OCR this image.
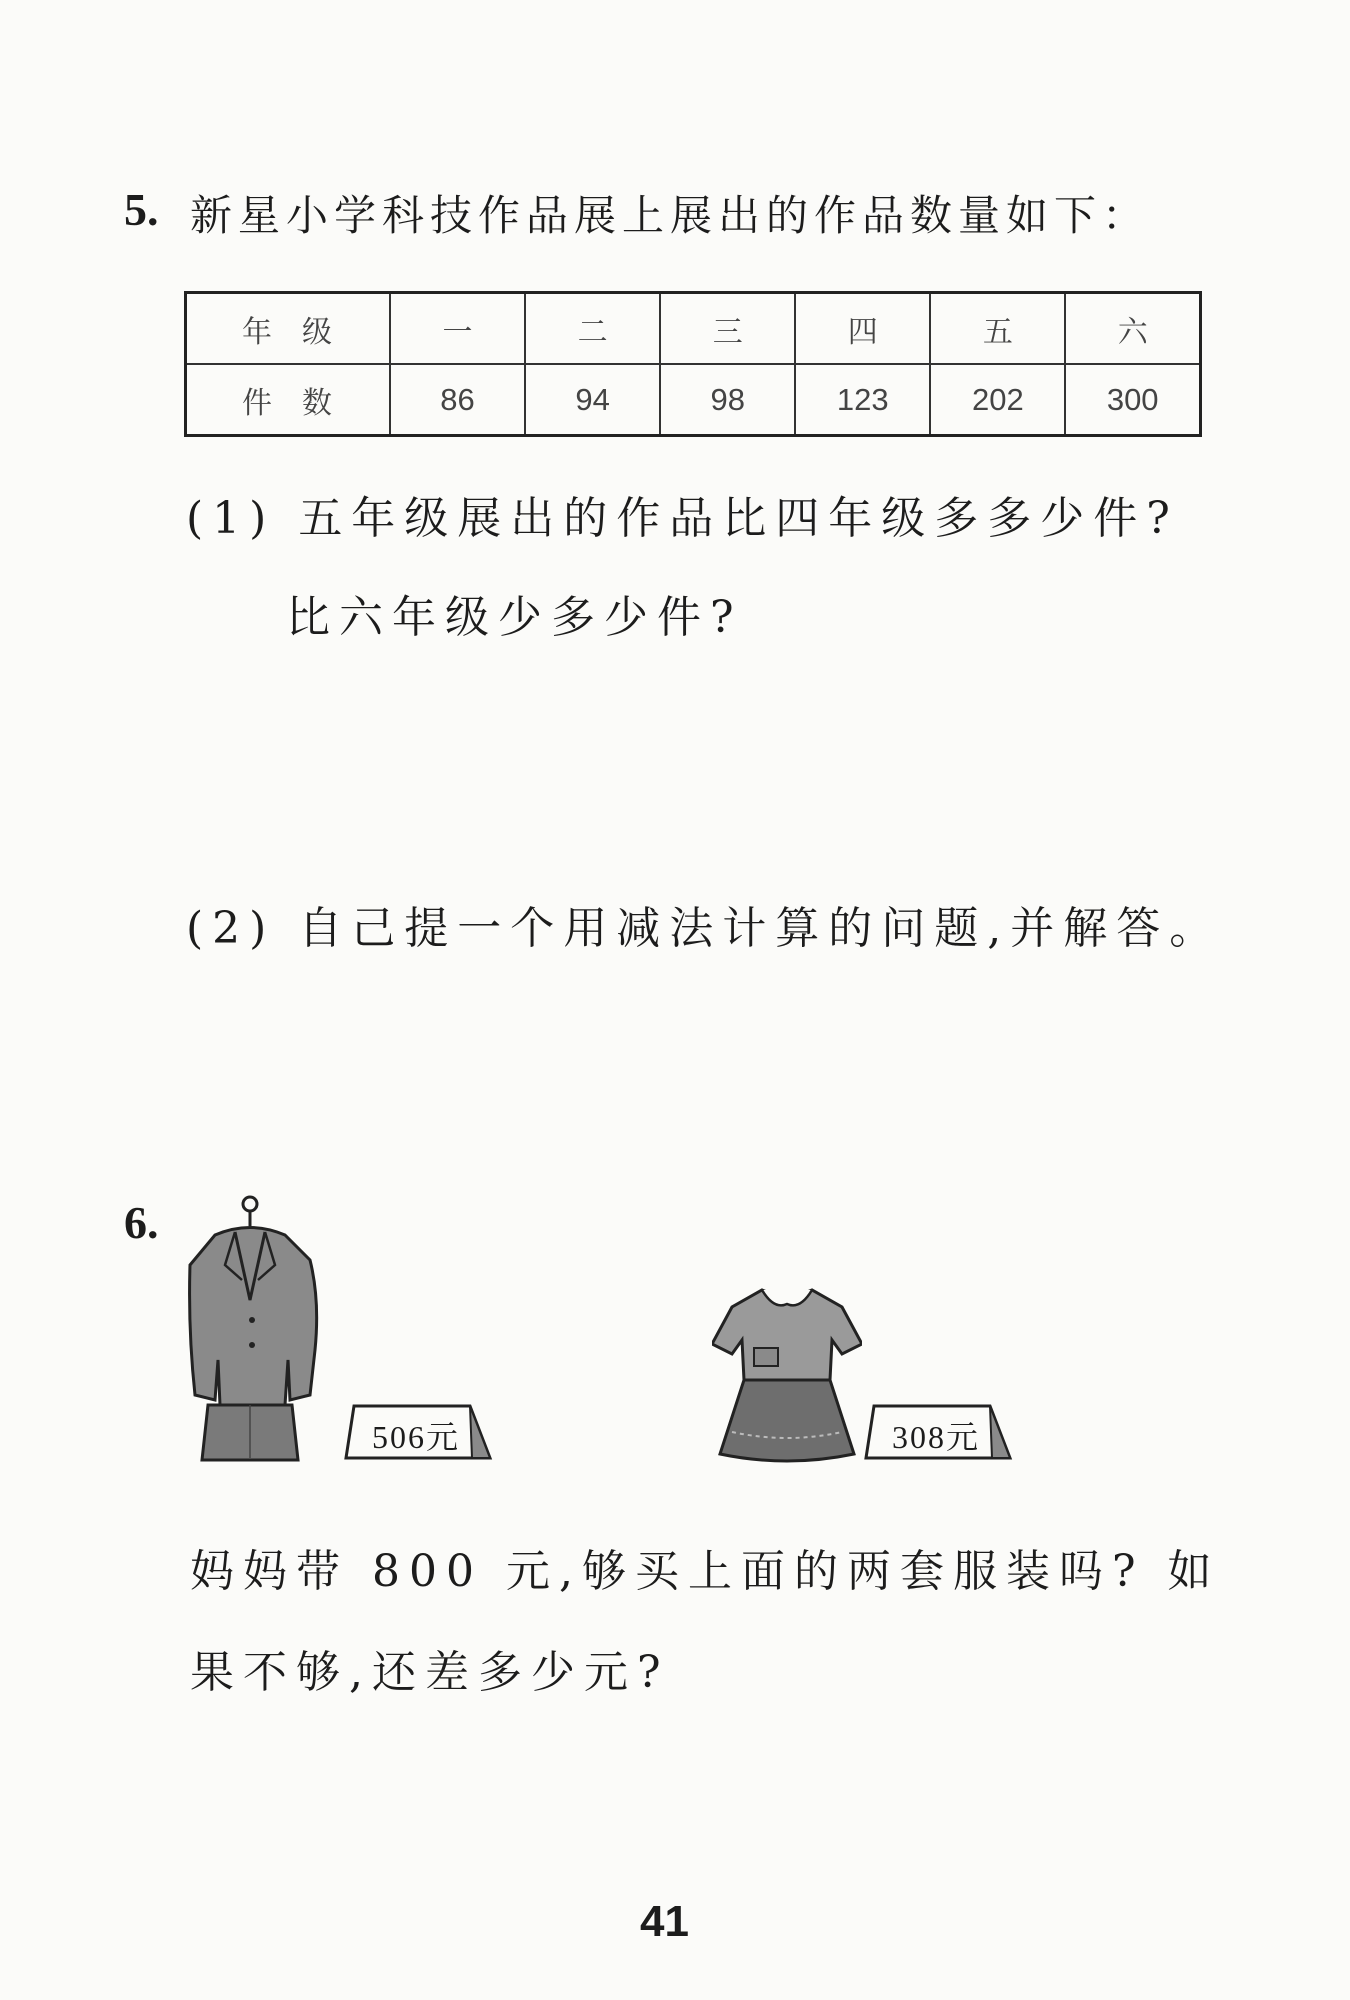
5. 新星小学科技作品展上展出的作品数量如下：
年级	一	二	三	四	五	六
件数	86	94	98	123	202	300
(1) 五年级展出的作品比四年级多多少件?
比六年级少多少件?
(2) 自己提一个用减法计算的问题,并解答。
6.
506元	308元
妈妈带 800 元,够买上面的两套服装吗? 如
果不够,还差多少元?
41
